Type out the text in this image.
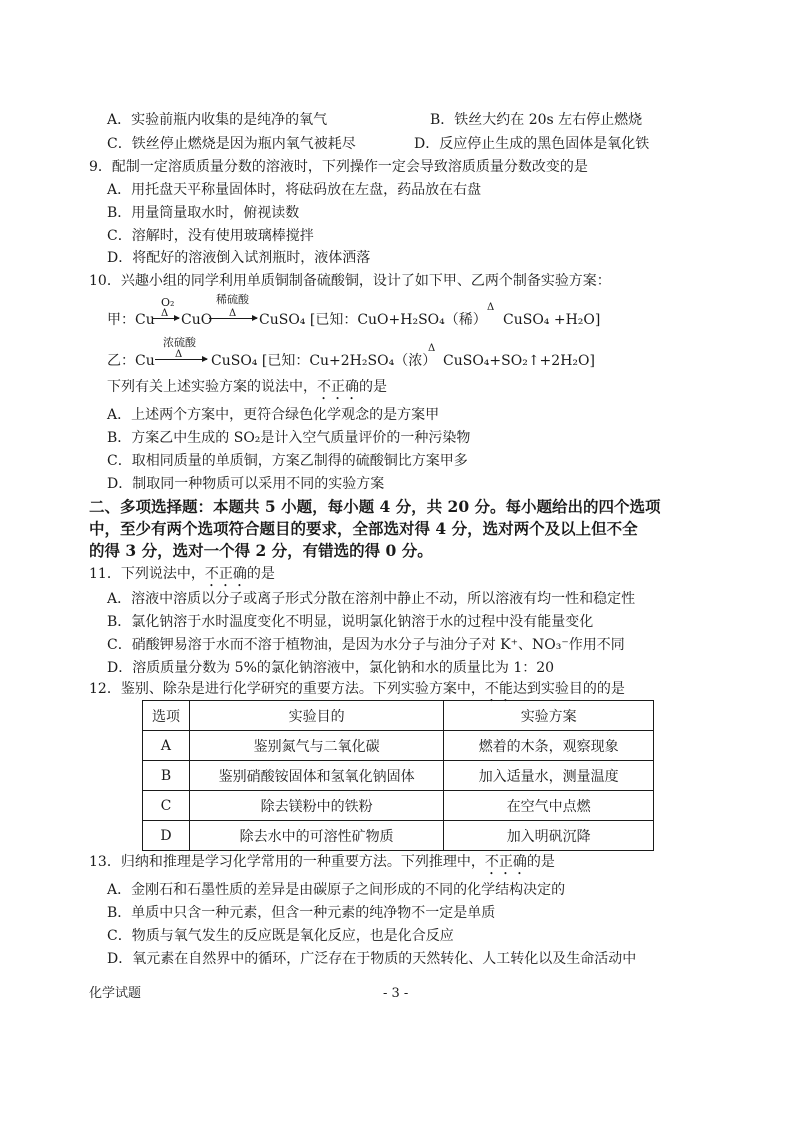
A．实验前瓶内收集的是纯净的氧气	B．铁丝大约在 20s 左右停止燃烧
C．铁丝停止燃烧是因为瓶内氧气被耗尽	D．反应停止生成的黑色固体是氧化铁
9．配制一定溶质质量分数的溶液时，下列操作一定会导致溶质质量分数改变的是
A．用托盘天平称量固体时，将砝码放在左盘，药品放在右盘
B．用量筒量取水时，俯视读数
C．溶解时，没有使用玻璃棒搅拌
D．将配好的溶液倒入试剂瓶时，液体洒落
10．兴趣小组的同学利用单质铜制备硫酸铜，设计了如下甲、乙两个制备实验方案：
甲：Cu
O₂
Δ CuO
稀硫酸
Δ CuSO₄ [已知：CuO+H₂SO₄（稀）
Δ
CuSO₄ +H₂O]
乙：Cu
浓硫酸
Δ CuSO₄ [已知：Cu+2H₂SO₄（浓）
Δ
CuSO₄+SO₂↑+2H₂O]
下列有关上述实验方案的说法中，不正确的是
A．上述两个方案中，更符合绿色化学观念的是方案甲
B．方案乙中生成的 SO₂是计入空气质量评价的一种污染物
C．取相同质量的单质铜，方案乙制得的硫酸铜比方案甲多
D．制取同一种物质可以采用不同的实验方案
二、多项选择题：本题共 5 小题，每小题 4 分，共 20 分。每小题给出的四个选项
中，至少有两个选项符合题目的要求，全部选对得 4 分，选对两个及以上但不全
的得 3 分，选对一个得 2 分，有错选的得 0 分。
11．下列说法中，不正确的是
A．溶液中溶质以分子或离子形式分散在溶剂中静止不动，所以溶液有均一性和稳定性
B．氯化钠溶于水时温度变化不明显，说明氯化钠溶于水的过程中没有能量变化
C．硝酸钾易溶于水而不溶于植物油，是因为水分子与油分子对 K⁺、NO₃⁻作用不同
D．溶质质量分数为 5%的氯化钠溶液中，氯化钠和水的质量比为 1：20
12．鉴别、除杂是进行化学研究的重要方法。下列实验方案中，不能达到实验目的的是
选项	实验目的	实验方案
A	鉴别氮气与二氧化碳	燃着的木条，观察现象
B	鉴别硝酸铵固体和氢氧化钠固体	加入适量水，测量温度
C	除去镁粉中的铁粉	在空气中点燃
D	除去水中的可溶性矿物质	加入明矾沉降
13．归纳和推理是学习化学常用的一种重要方法。下列推理中，不正确的是
A．金刚石和石墨性质的差异是由碳原子之间形成的不同的化学结构决定的
B．单质中只含一种元素，但含一种元素的纯净物不一定是单质
C．物质与氧气发生的反应既是氧化反应，也是化合反应
D．氧元素在自然界中的循环，广泛存在于物质的天然转化、人工转化以及生命活动中
化学试题	- 3 -
